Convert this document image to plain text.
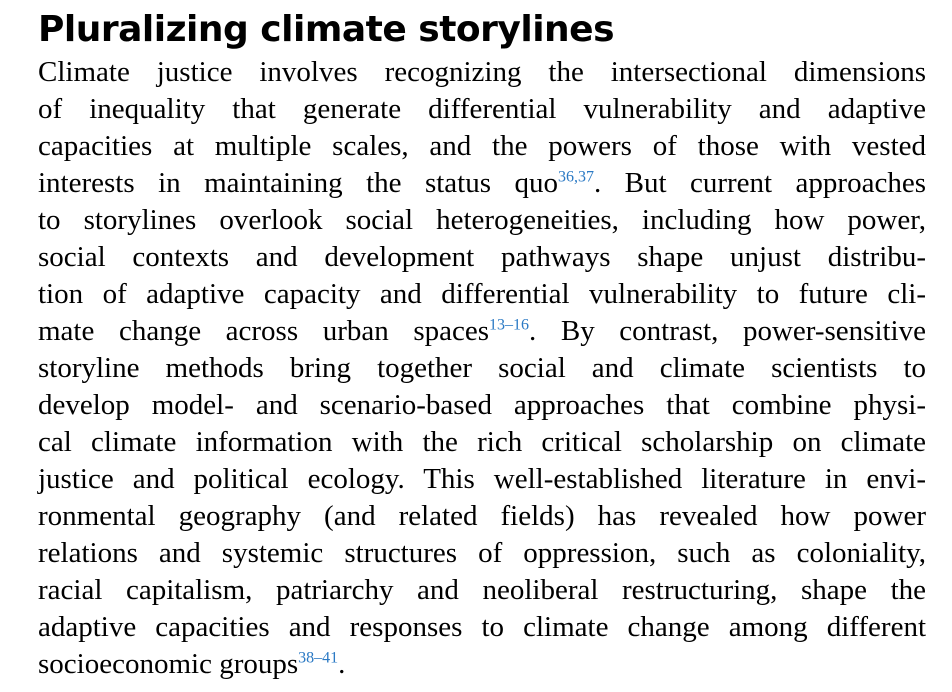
Pluralizing climate storylines
Climate justice involves recognizing the intersectional dimensions
of inequality that generate differential vulnerability and adaptive
capacities at multiple scales, and the powers of those with vested
interests in maintaining the status quo$^{36,37}$. But current approaches
to storylines overlook social heterogeneities, including how power,
social contexts and development pathways shape unjust distribu-
tion of adaptive capacity and differential vulnerability to future cli-
mate change across urban spaces$^{13-16}$. By contrast, power-sensitive
storyline methods bring together social and climate scientists to
develop model- and scenario-based approaches that combine physi-
cal climate information with the rich critical scholarship on climate
justice and political ecology. This well-established literature in envi-
ronmental geography (and related fields) has revealed how power
relations and systemic structures of oppression, such as coloniality,
racial capitalism, patriarchy and neoliberal restructuring, shape the
adaptive capacities and responses to climate change among different
socioeconomic groups$^{38-41}$.
